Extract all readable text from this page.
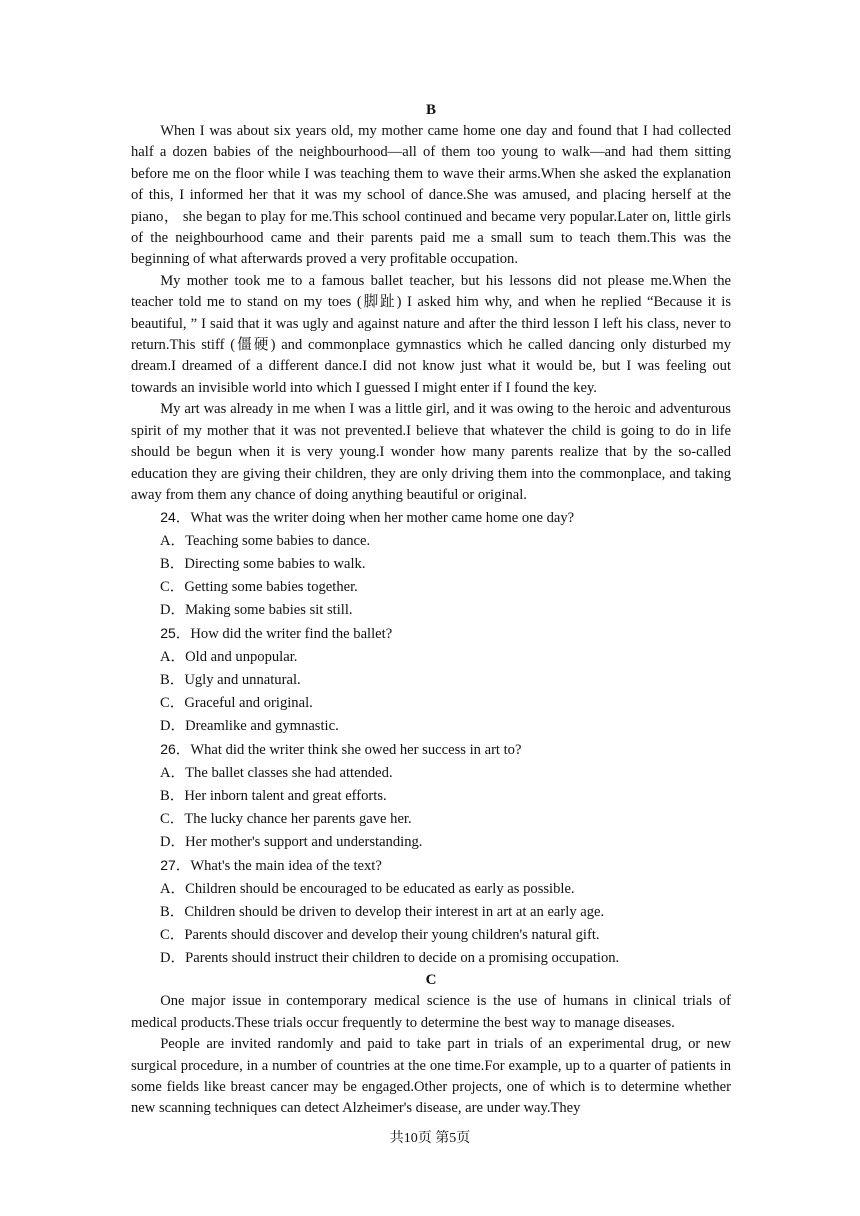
B

When I was about six years old, my mother came home one day and found that I had collected half a dozen babies of the neighbourhood—all of them too young to walk—and had them sitting before me on the floor while I was teaching them to wave their arms.When she asked the explanation of this, I informed her that it was my school of dance.She was amused, and placing herself at the piano， she began to play for me.This school continued and became very popular.Later on, little girls of the neighbourhood came and their parents paid me a small sum to teach them.This was the beginning of what afterwards proved a very profitable occupation.

My mother took me to a famous ballet teacher, but his lessons did not please me.When the teacher told me to stand on my toes (脚趾) I asked him why, and when he replied “Because it is beautiful, ” I said that it was ugly and against nature and after the third lesson I left his class, never to return.This stiff (僵硬) and commonplace gymnastics which he called dancing only disturbed my dream.I dreamed of a different dance.I did not know just what it would be, but I was feeling out towards an invisible world into which I guessed I might enter if I found the key.

My art was already in me when I was a little girl, and it was owing to the heroic and adventurous spirit of my mother that it was not prevented.I believe that whatever the child is going to do in life should be begun when it is very young.I wonder how many parents realize that by the so-called education they are giving their children, they are only driving them into the commonplace, and taking away from them any chance of doing anything beautiful or original.

24．What was the writer doing when her mother came home one day?

A．Teaching some babies to dance.

B．Directing some babies to walk.

C．Getting some babies together.

D．Making some babies sit still.

25．How did the writer find the ballet?

A．Old and unpopular.

B．Ugly and unnatural.

C．Graceful and original.

D．Dreamlike and gymnastic.

26．What did the writer think she owed her success in art to?

A．The ballet classes she had attended.

B．Her inborn talent and great efforts.

C．The lucky chance her parents gave her.

D．Her mother's support and understanding.

27．What's the main idea of the text?

A．Children should be encouraged to be educated as early as possible.

B．Children should be driven to develop their interest in art at an early age.

C．Parents should discover and develop their young children's natural gift.

D．Parents should instruct their children to decide on a promising occupation.

C

One major issue in contemporary medical science is the use of humans in clinical trials of medical products.These trials occur frequently to determine the best way to manage diseases.

People are invited randomly and paid to take part in trials of an experimental drug, or new surgical procedure, in a number of countries at the one time.For example, up to a quarter of patients in some fields like breast cancer may be engaged.Other projects, one of which is to determine whether new scanning techniques can detect Alzheimer's disease, are under way.They

共10页 第5页
